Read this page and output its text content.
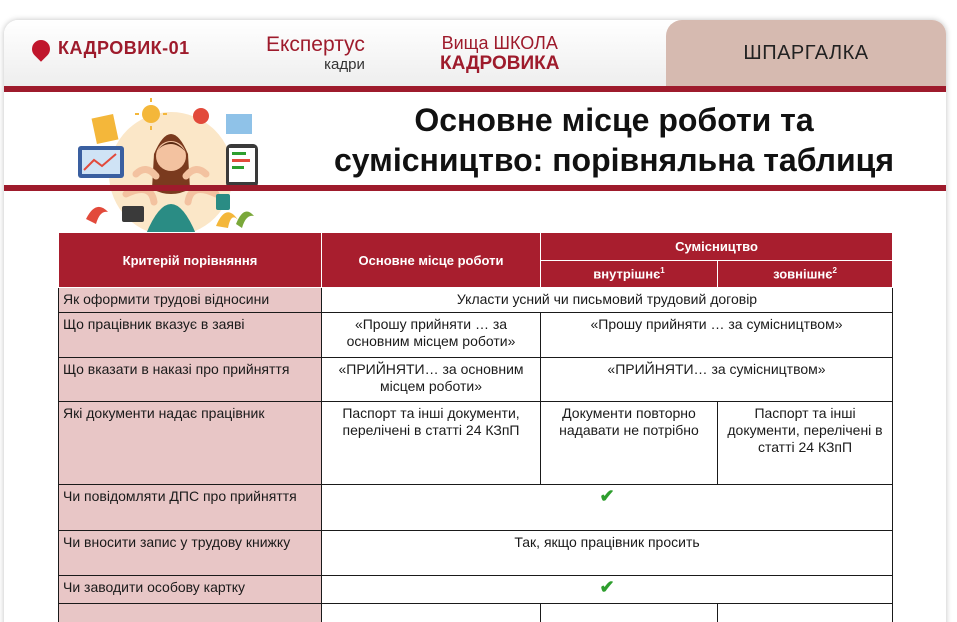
КАДРОВИК-01	Експертус
кадри
Вища ШКОЛА
КАДРОВИКА	ШПАРГАЛКА
Основне місце роботи та
сумісництво: порівняльна таблиця
Критерій порівняння	Основне місце роботи	Сумісництво	
		внутрішнє$^1$	зовнішнє$^2$
Як оформити трудові відносини	Укласти усний чи письмовий трудовий договір		
Що працівник вказує в заяві	«Прошу прийняти … за основним місцем роботи»	«Прошу прийняти … за сумісництвом»	
Що вказати в наказі про прийняття	«ПРИЙНЯТИ… за основним місцем роботи»	«ПРИЙНЯТИ… за сумісництвом»	
Які документи надає працівник	Паспорт та інші документи, перелічені в статті 24 КЗпП	Документи повторно надавати не потрібно	Паспорт та інші документи, перелічені в статті 24 КЗпП
Чи повідомляти ДПС про прийняття	✔		
Чи вносити запис у трудову книжку	Так, якщо працівник просить		
Чи заводити особову картку	✔		
